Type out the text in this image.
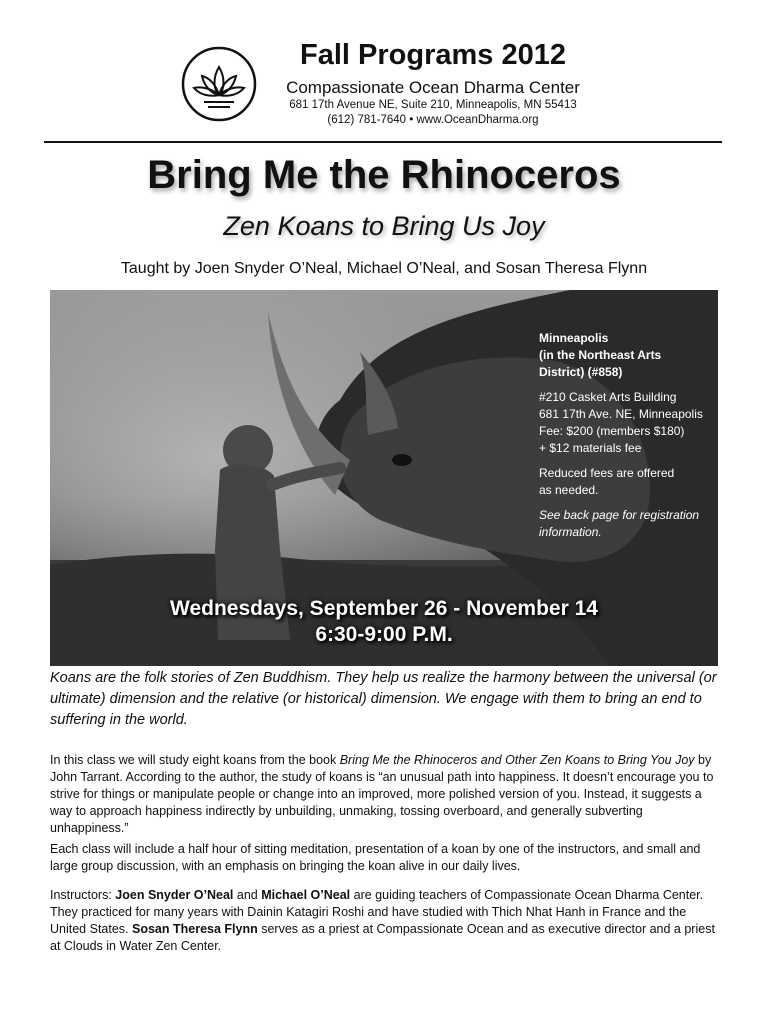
Fall Programs 2012
Compassionate Ocean Dharma Center
681 17th Avenue NE, Suite 210, Minneapolis, MN 55413
(612) 781-7640 • www.OceanDharma.org
Bring Me the Rhinoceros
Zen Koans to Bring Us Joy
Taught by Joen Snyder O’Neal, Michael O’Neal, and Sosan Theresa Flynn

Minneapolis
(in the Northeast Arts
District) (#858)

#210 Casket Arts Building
681 17th Ave. NE, Minneapolis
Fee: $200 (members $180)
+ $12 materials fee

Reduced fees are offered
as needed.

See back page for registration
information.

Wednesdays, September 26 - November 14
6:30-9:00 P.M.
Koans are the folk stories of Zen Buddhism. They help us realize the harmony between the universal (or ultimate) dimension and the relative (or historical) dimension. We engage with them to bring an end to suffering in the world.

In this class we will study eight koans from the book Bring Me the Rhinoceros and Other Zen Koans to Bring You Joy by John Tarrant. According to the author, the study of koans is “an unusual path into happiness. It doesn’t encourage you to strive for things or manipulate people or change into an improved, more polished version of you. Instead, it suggests a way to approach happiness indirectly by unbuilding, unmaking, tossing overboard, and generally subverting unhappiness.”

Each class will include a half hour of sitting meditation, presentation of a koan by one of the instructors, and small and large group discussion, with an emphasis on bringing the koan alive in our daily lives.

Instructors: Joen Snyder O’Neal and Michael O’Neal are guiding teachers of Compassionate Ocean Dharma Center. They practiced for many years with Dainin Katagiri Roshi and have studied with Thich Nhat Hanh in France and the United States. Sosan Theresa Flynn serves as a priest at Compassionate Ocean and as executive director and a priest at Clouds in Water Zen Center.
